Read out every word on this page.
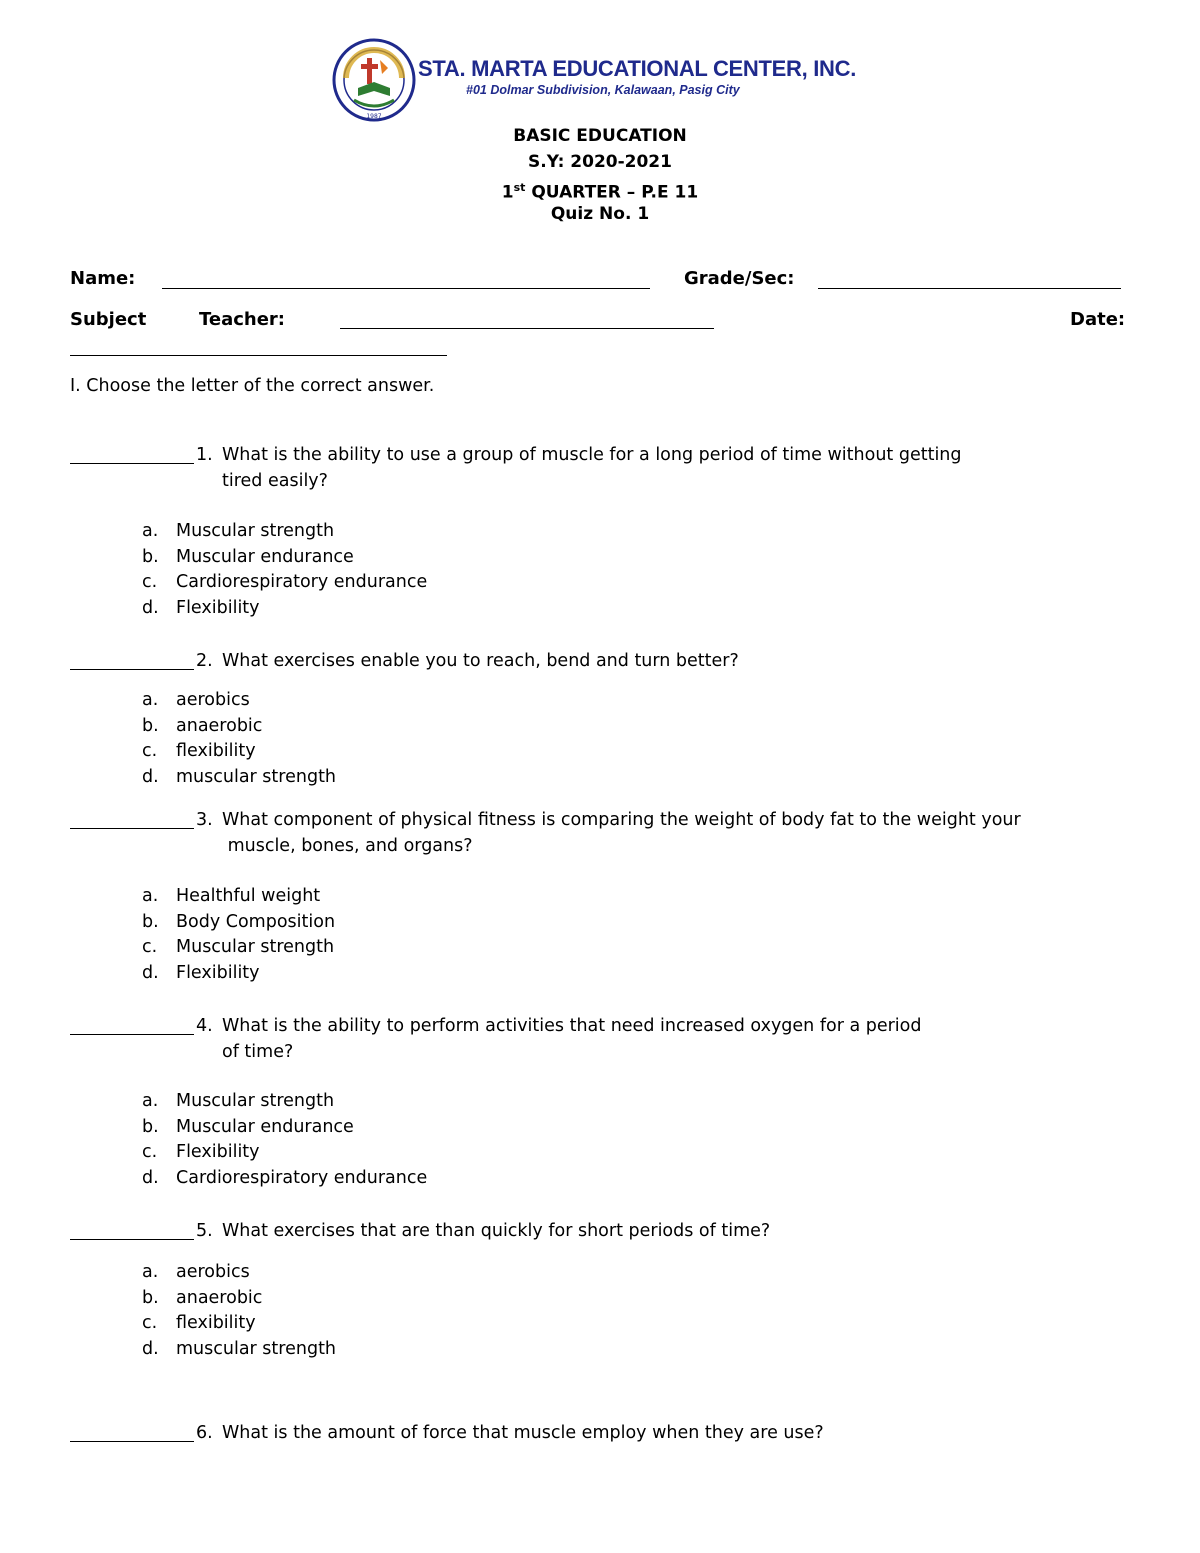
1987
STA. MARTA EDUCATIONAL CENTER, INC.
#01 Dolmar Subdivision, Kalawaan, Pasig City
BASIC EDUCATION
S.Y: 2020-2021
1st QUARTER – P.E 11
Quiz No. 1
Name:	Grade/Sec:
Subject	Teacher:	Date:
I. Choose the letter of the correct answer.
1. What is the ability to use a group of muscle for a long period of time without getting
tired easily?
a. Muscular strength
b. Muscular endurance
c. Cardiorespiratory endurance
d. Flexibility
2. What exercises enable you to reach, bend and turn better?
a. aerobics
b. anaerobic
c. flexibility
d. muscular strength
3. What component of physical fitness is comparing the weight of body fat to the weight your
muscle, bones, and organs?
a. Healthful weight
b. Body Composition
c. Muscular strength
d. Flexibility
4. What is the ability to perform activities that need increased oxygen for a period
of time?
a. Muscular strength
b. Muscular endurance
c. Flexibility
d. Cardiorespiratory endurance
5. What exercises that are than quickly for short periods of time?
a. aerobics
b. anaerobic
c. flexibility
d. muscular strength
6. What is the amount of force that muscle employ when they are use?
